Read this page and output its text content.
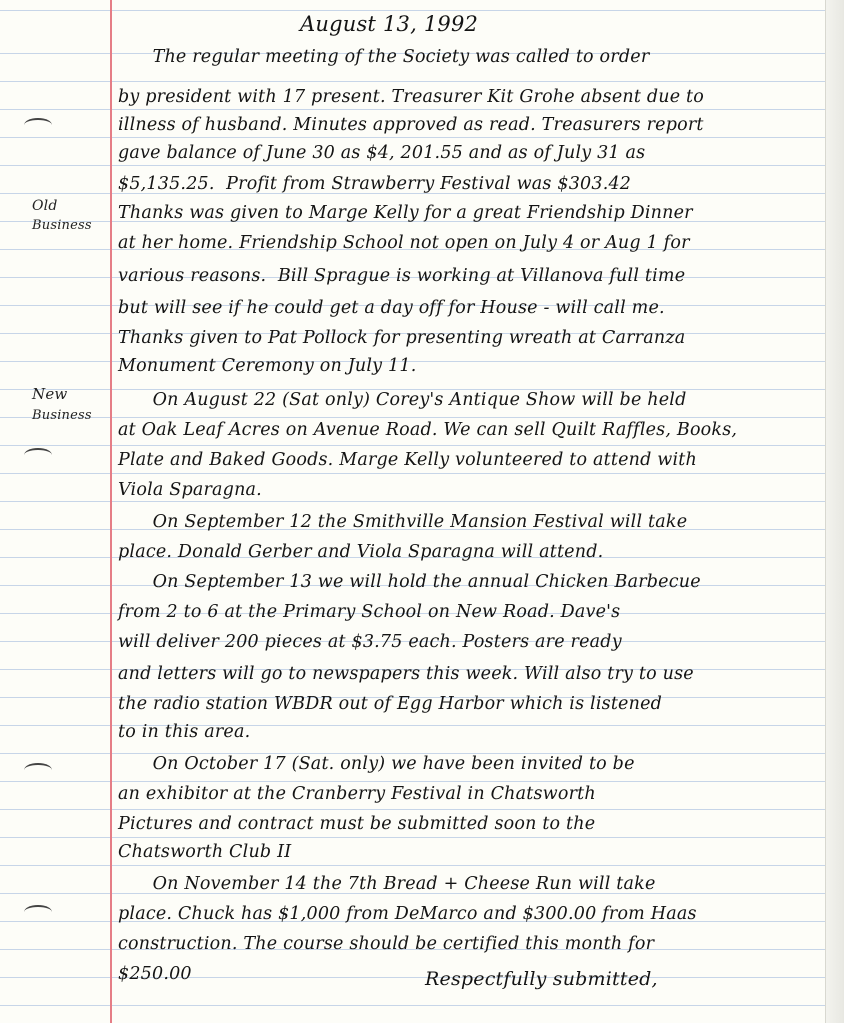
August 13, 1992
Old
Business
New
Business
The regular meeting of the Society was called to order
by president with 17 present. Treasurer Kit Grohe absent due to
illness of husband. Minutes approved as read. Treasurers report
gave balance of June 30 as $4, 201.55 and as of July 31 as
$5,135.25.  Profit from Strawberry Festival was $303.42
Thanks was given to Marge Kelly for a great Friendship Dinner
at her home. Friendship School not open on July 4 or Aug 1 for
various reasons.  Bill Sprague is working at Villanova full time
but will see if he could get a day off for House - will call me.
Thanks given to Pat Pollock for presenting wreath at Carranza
Monument Ceremony on July 11.
On August 22 (Sat only) Corey's Antique Show will be held
at Oak Leaf Acres on Avenue Road. We can sell Quilt Raffles, Books,
Plate and Baked Goods. Marge Kelly volunteered to attend with
Viola Sparagna.
On September 12 the Smithville Mansion Festival will take
place. Donald Gerber and Viola Sparagna will attend.
On September 13 we will hold the annual Chicken Barbecue
from 2 to 6 at the Primary School on New Road. Dave's
will deliver 200 pieces at $3.75 each. Posters are ready
and letters will go to newspapers this week. Will also try to use
the radio station WBDR out of Egg Harbor which is listened
to in this area.
On October 17 (Sat. only) we have been invited to be
an exhibitor at the Cranberry Festival in Chatsworth
Pictures and contract must be submitted soon to the
Chatsworth Club II
On November 14 the 7th Bread + Cheese Run will take
place. Chuck has $1,000 from DeMarco and $300.00 from Haas
construction. The course should be certified this month for
$250.00	Respectfully submitted,
